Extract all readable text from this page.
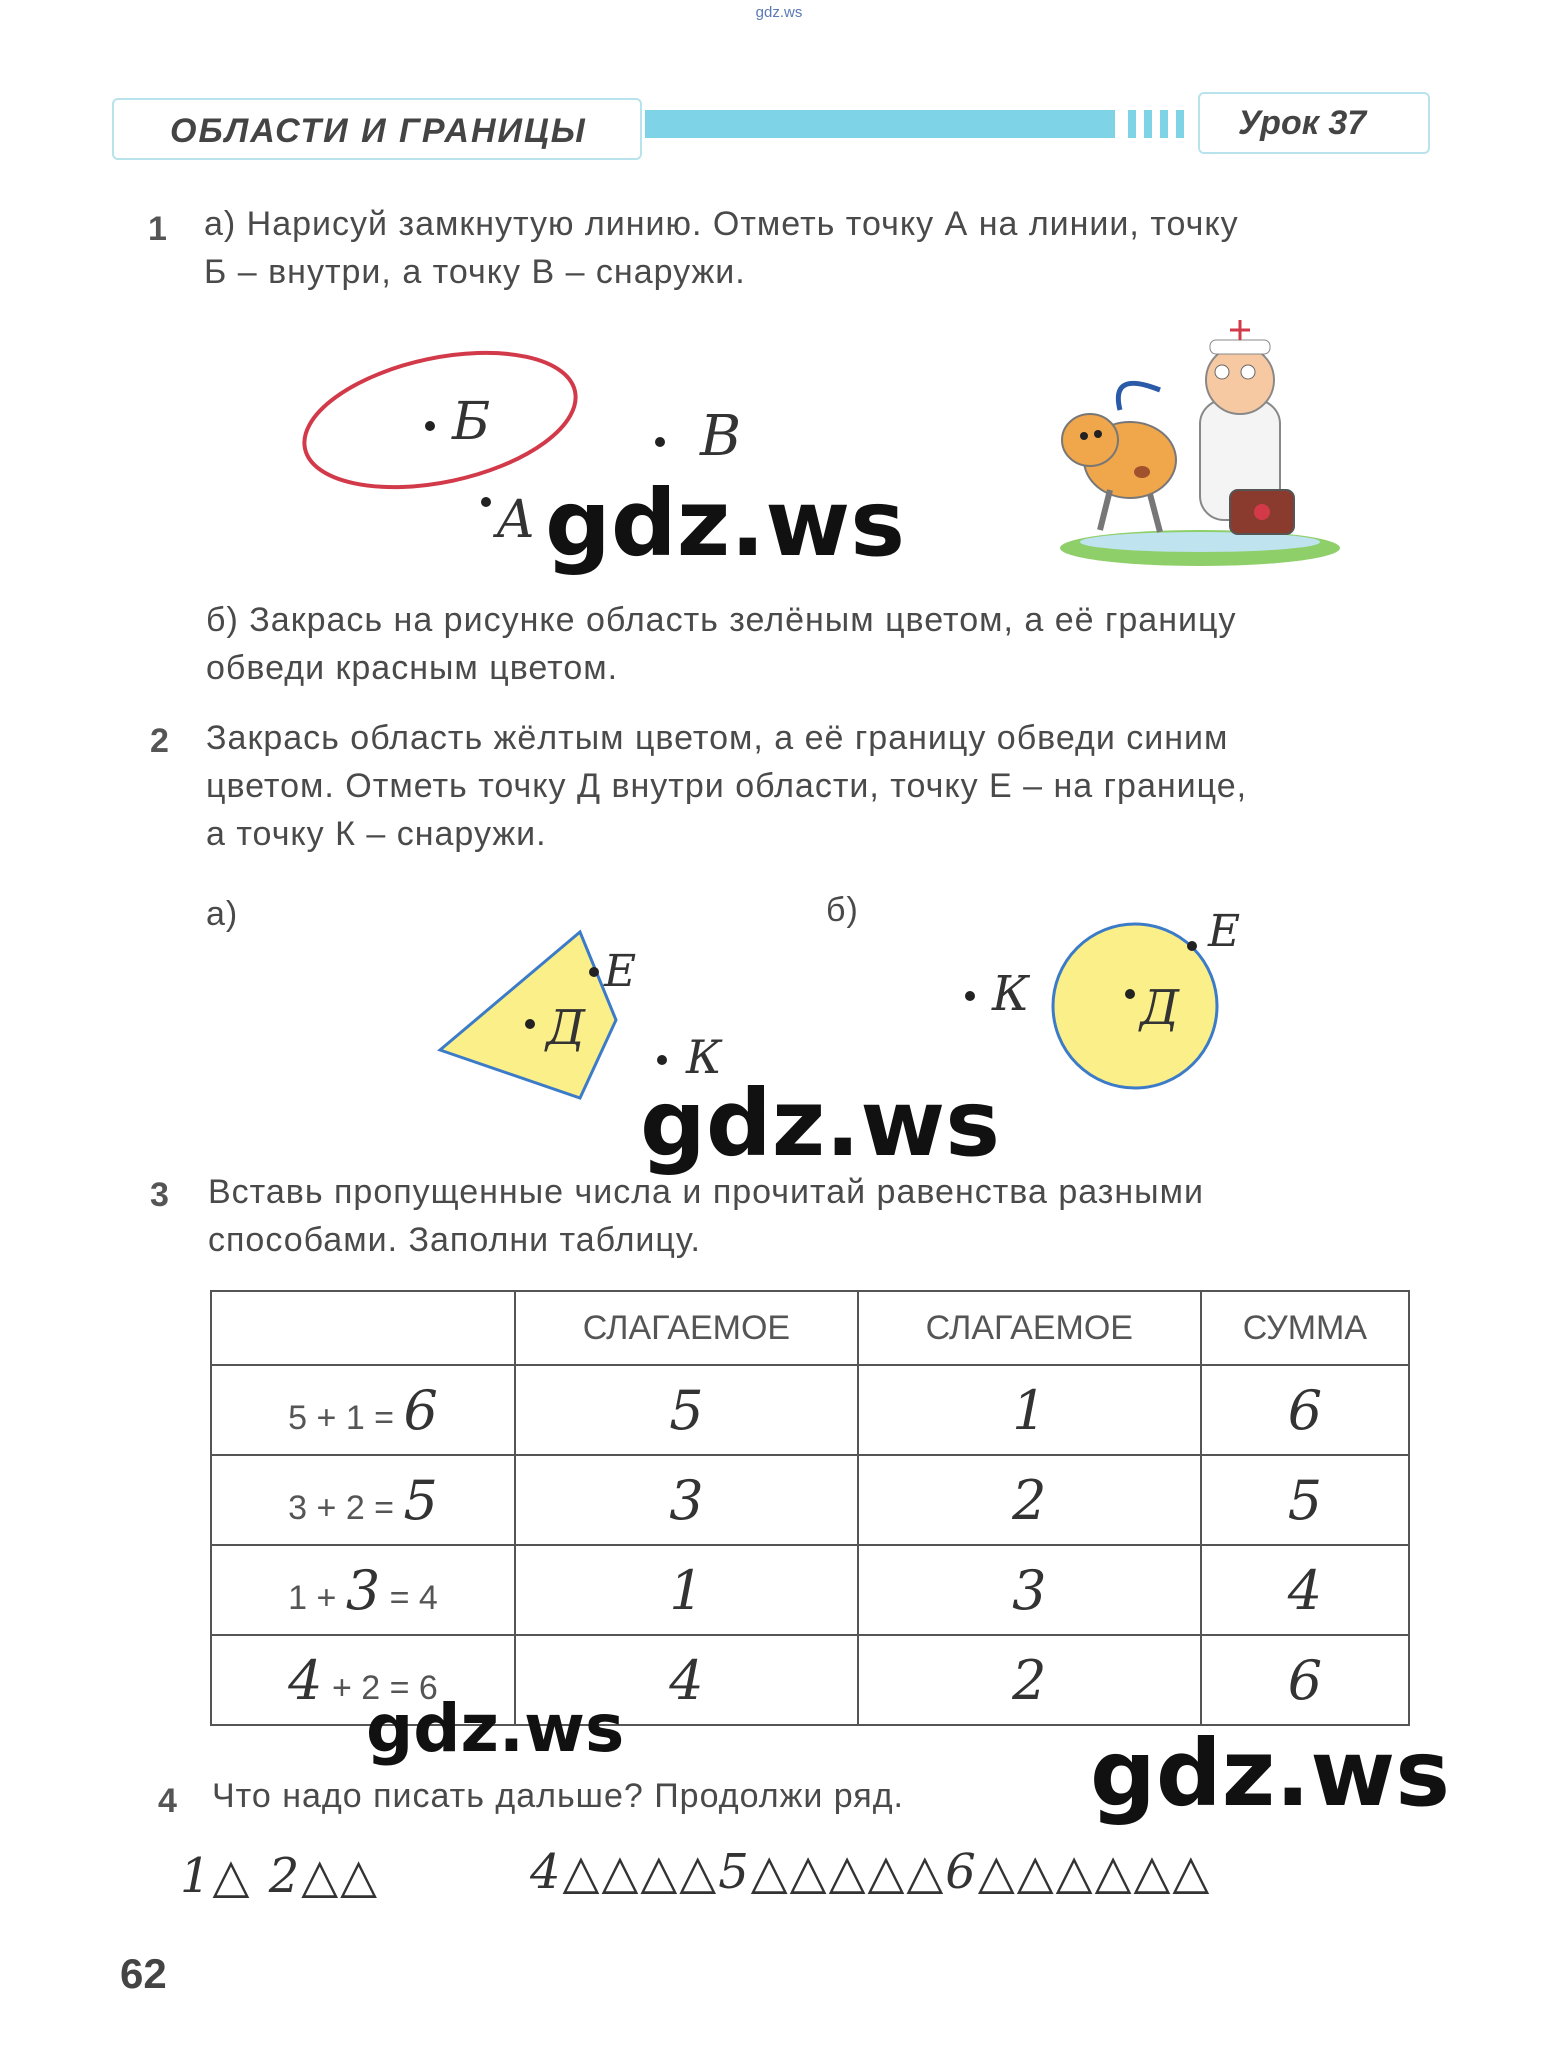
gdz.ws
ОБЛАСТИ И ГРАНИЦЫ	Урок 37
1 а) Нарисуй замкнутую линию. Отметь точку А на линии, точку
Б – внутри, а точку В – снаружи.
Б
А
В
gdz.ws
б) Закрась на рисунке область зелёным цветом, а её границу
обведи красным цветом.
2 Закрась область жёлтым цветом, а её границу обведи синим
цветом. Отметь точку Д внутри области, точку Е – на границе,
а точку К – снаружи.
а)	б)
Е
Д
К
Е
Д
К
gdz.ws
3 Вставь пропущенные числа и прочитай равенства разными
способами. Заполни таблицу.
	СЛАГАЕМОЕ	СЛАГАЕМОЕ	СУММА
5 + 1 = 6	5	1	6
3 + 2 = 5	3	2	5
1 + 3 = 4	1	3	4
4 + 2 = 6	4	2	6
gdz.ws	gdz.ws
4 Что надо писать дальше? Продолжи ряд.
1△ 2△△	4△△△△5△△△△△6△△△△△△
62
